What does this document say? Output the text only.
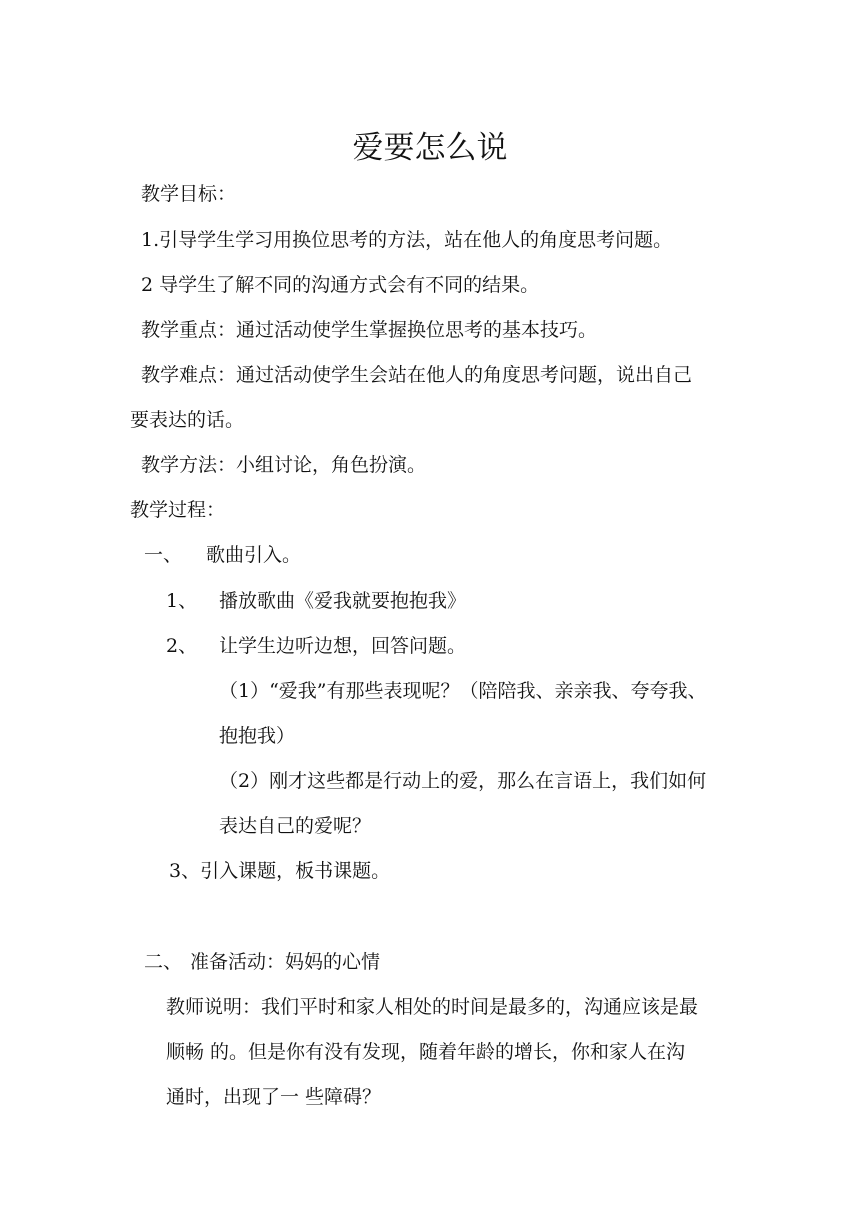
爱要怎么说
教学目标：
1.引导学生学习用换位思考的方法，站在他人的角度思考问题。
2 导学生了解不同的沟通方式会有不同的结果。
教学重点：通过活动使学生掌握换位思考的基本技巧。
教学难点：通过活动使学生会站在他人的角度思考问题，说出自己
要表达的话。
教学方法：小组讨论，角色扮演。
教学过程：
一、 歌曲引入。
1、 播放歌曲《爱我就要抱抱我》
2、 让学生边听边想，回答问题。
（1）“爱我”有那些表现呢？（陪陪我、亲亲我、夸夸我、
抱抱我）
（2）刚才这些都是行动上的爱，那么在言语上，我们如何
表达自己的爱呢？
3、引入课题，板书课题。
二、 准备活动：妈妈的心情
教师说明：我们平时和家人相处的时间是最多的，沟通应该是最
顺畅 的。但是你有没有发现，随着年龄的增长，你和家人在沟
通时，出现了一 些障碍？
